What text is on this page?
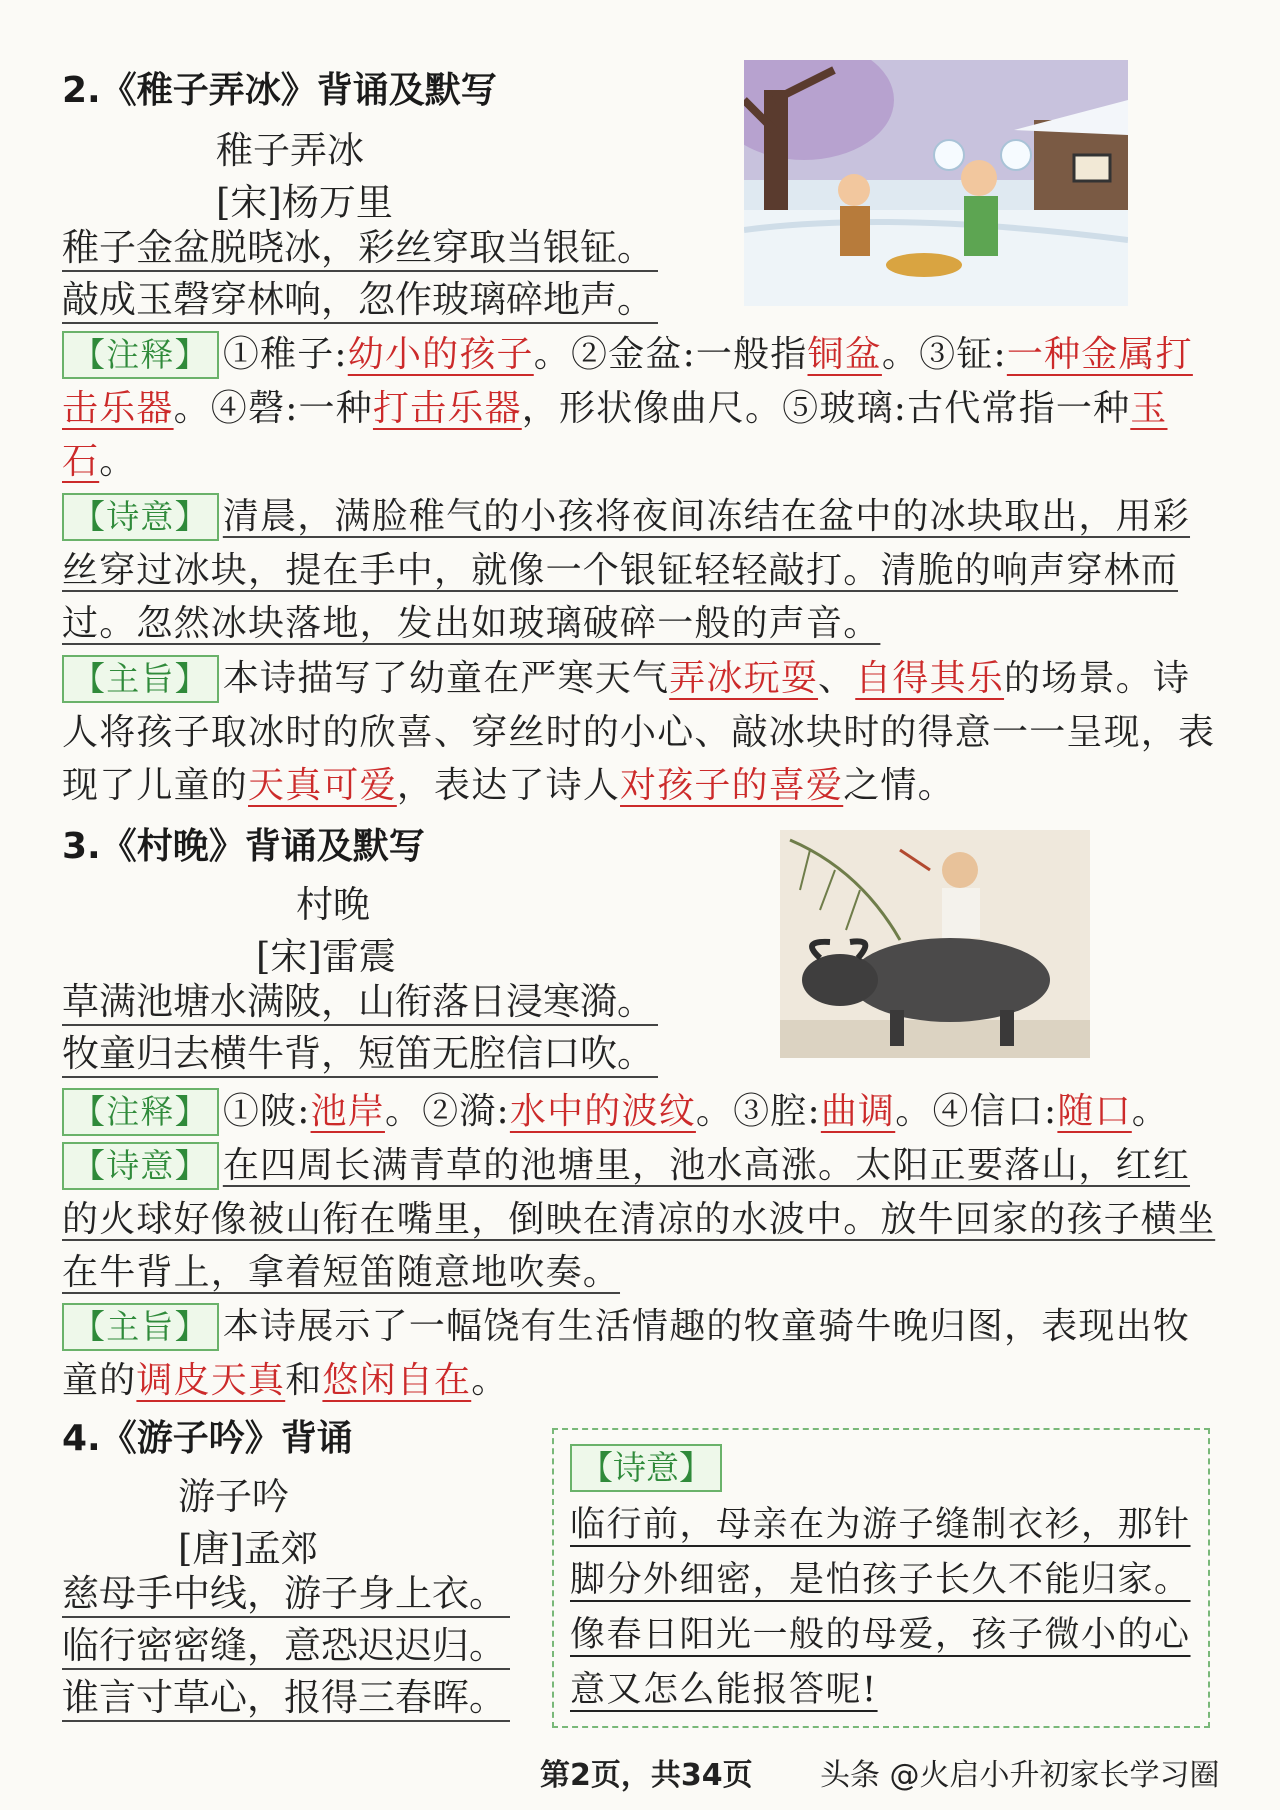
2.《稚子弄冰》背诵及默写
稚子弄冰
[宋]杨万里
稚子金盆脱晓冰，彩丝穿取当银钲。
敲成玉磬穿林响，忽作玻璃碎地声。
【注释】 ①稚子:幼小的孩子。②金盆:一般指铜盆。③钲:一种金属打击乐器。④磬:一种打击乐器，形状像曲尺。⑤玻璃:古代常指一种玉石。
【诗意】 清晨，满脸稚气的小孩将夜间冻结在盆中的冰块取出，用彩丝穿过冰块，提在手中，就像一个银钲轻轻敲打。清脆的响声穿林而过。忽然冰块落地，发出如玻璃破碎一般的声音。
【主旨】 本诗描写了幼童在严寒天气弄冰玩耍、自得其乐的场景。诗人将孩子取冰时的欣喜、穿丝时的小心、敲冰块时的得意一一呈现，表现了儿童的天真可爱，表达了诗人对孩子的喜爱之情。
3.《村晚》背诵及默写
村晚
[宋]雷震
草满池塘水满陂，山衔落日浸寒漪。
牧童归去横牛背，短笛无腔信口吹。
【注释】 ①陂:池岸。②漪:水中的波纹。③腔:曲调。④信口:随口。
【诗意】 在四周长满青草的池塘里，池水高涨。太阳正要落山，红红的火球好像被山衔在嘴里，倒映在清凉的水波中。放牛回家的孩子横坐在牛背上，拿着短笛随意地吹奏。
【主旨】 本诗展示了一幅饶有生活情趣的牧童骑牛晚归图，表现出牧童的调皮天真和悠闲自在。
4.《游子吟》背诵
游子吟
[唐]孟郊
慈母手中线，游子身上衣。
临行密密缝，意恐迟迟归。
谁言寸草心，报得三春晖。
【诗意】
临行前，母亲在为游子缝制衣衫，那针脚分外细密，是怕孩子长久不能归家。像春日阳光一般的母爱，孩子微小的心意又怎么能报答呢!
第2页，共34页 头条 @火启小升初家长学习圈
